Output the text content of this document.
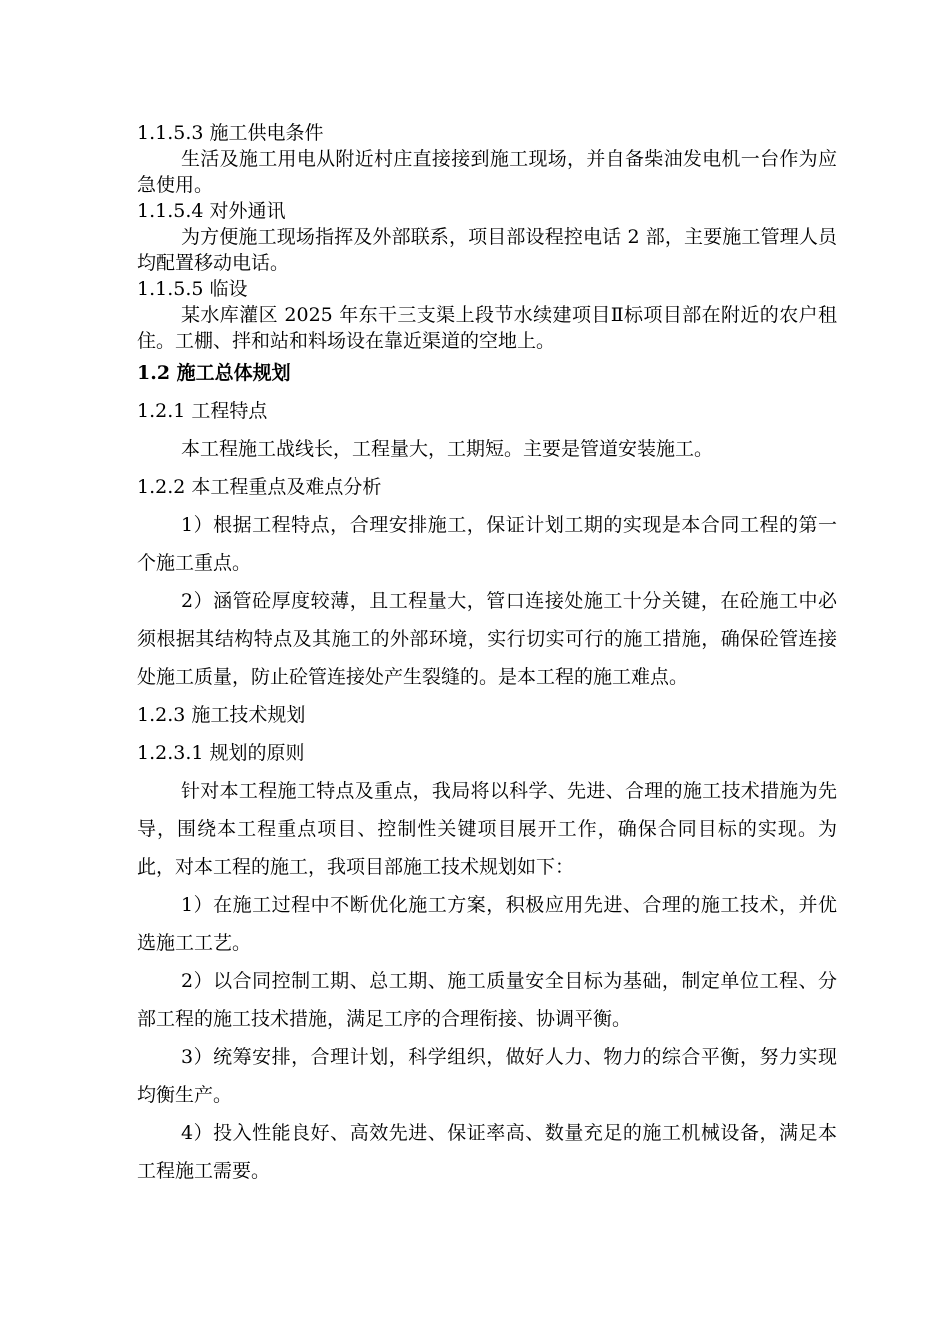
1.1.5.3 施工供电条件

生活及施工用电从附近村庄直接接到施工现场，并自备柴油发电机一台作为应急使用。

1.1.5.4 对外通讯

为方便施工现场指挥及外部联系，项目部设程控电话 2 部，主要施工管理人员均配置移动电话。

1.1.5.5 临设

某水库灌区 2025 年东干三支渠上段节水续建项目Ⅱ标项目部在附近的农户租住。工棚、拌和站和料场设在靠近渠道的空地上。

1.2 施工总体规划

1.2.1 工程特点

本工程施工战线长，工程量大，工期短。主要是管道安装施工。

1.2.2 本工程重点及难点分析

1）根据工程特点，合理安排施工，保证计划工期的实现是本合同工程的第一个施工重点。

2）涵管砼厚度较薄，且工程量大，管口连接处施工十分关键，在砼施工中必须根据其结构特点及其施工的外部环境，实行切实可行的施工措施，确保砼管连接处施工质量，防止砼管连接处产生裂缝的。是本工程的施工难点。

1.2.3 施工技术规划

1.2.3.1 规划的原则

针对本工程施工特点及重点，我局将以科学、先进、合理的施工技术措施为先导，围绕本工程重点项目、控制性关键项目展开工作，确保合同目标的实现。为此，对本工程的施工，我项目部施工技术规划如下：

1）在施工过程中不断优化施工方案，积极应用先进、合理的施工技术，并优选施工工艺。

2）以合同控制工期、总工期、施工质量安全目标为基础，制定单位工程、分部工程的施工技术措施，满足工序的合理衔接、协调平衡。

3）统筹安排，合理计划，科学组织，做好人力、物力的综合平衡，努力实现均衡生产。

4）投入性能良好、高效先进、保证率高、数量充足的施工机械设备，满足本工程施工需要。
